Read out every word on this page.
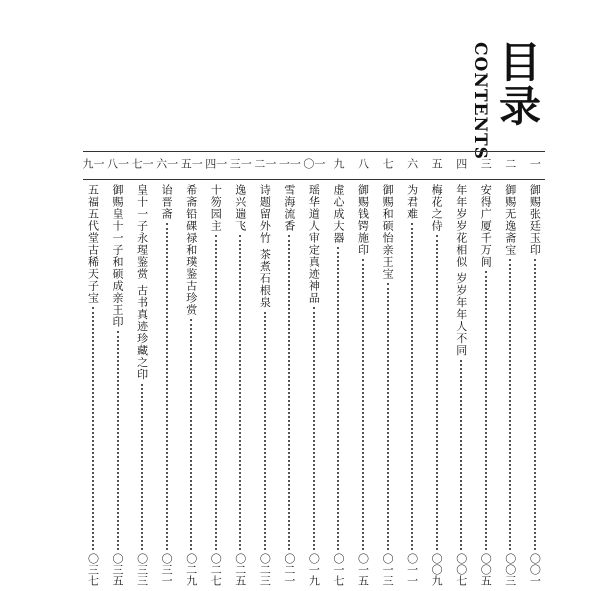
目录
CONTENTS
一
御赐张廷玉印
〇〇一
二
御赐无逸斋宝
〇〇三
三
安得广厦千万间
〇〇五
四
年年岁岁花相似 岁岁年年人不同
〇〇七
五
梅花之侍
〇〇九
六
为君难
〇一一
七
御赐和硕怡亲王宝
〇一三
八
御赐钱锷施印
〇一五
九
虚心成大器
〇一七
一〇
瑶华道人审定真迹神品
〇一九
一一
雪海流香
〇二一
一二
诗题留外竹 茶煮石根泉
〇二三
一三
逸兴遄飞
〇二五
一四
十笏园主
〇二七
一五
希斋铅䂺禄和璞鉴古珍赏
〇二九
一六
诒晋斋
〇三一
一七
皇十一子永瑆鉴赏 古书真迹珍藏之印
〇三三
一八
御赐皇十一子和硕成亲王印
〇三五
一九
五福五代堂古稀天子宝
〇三七
